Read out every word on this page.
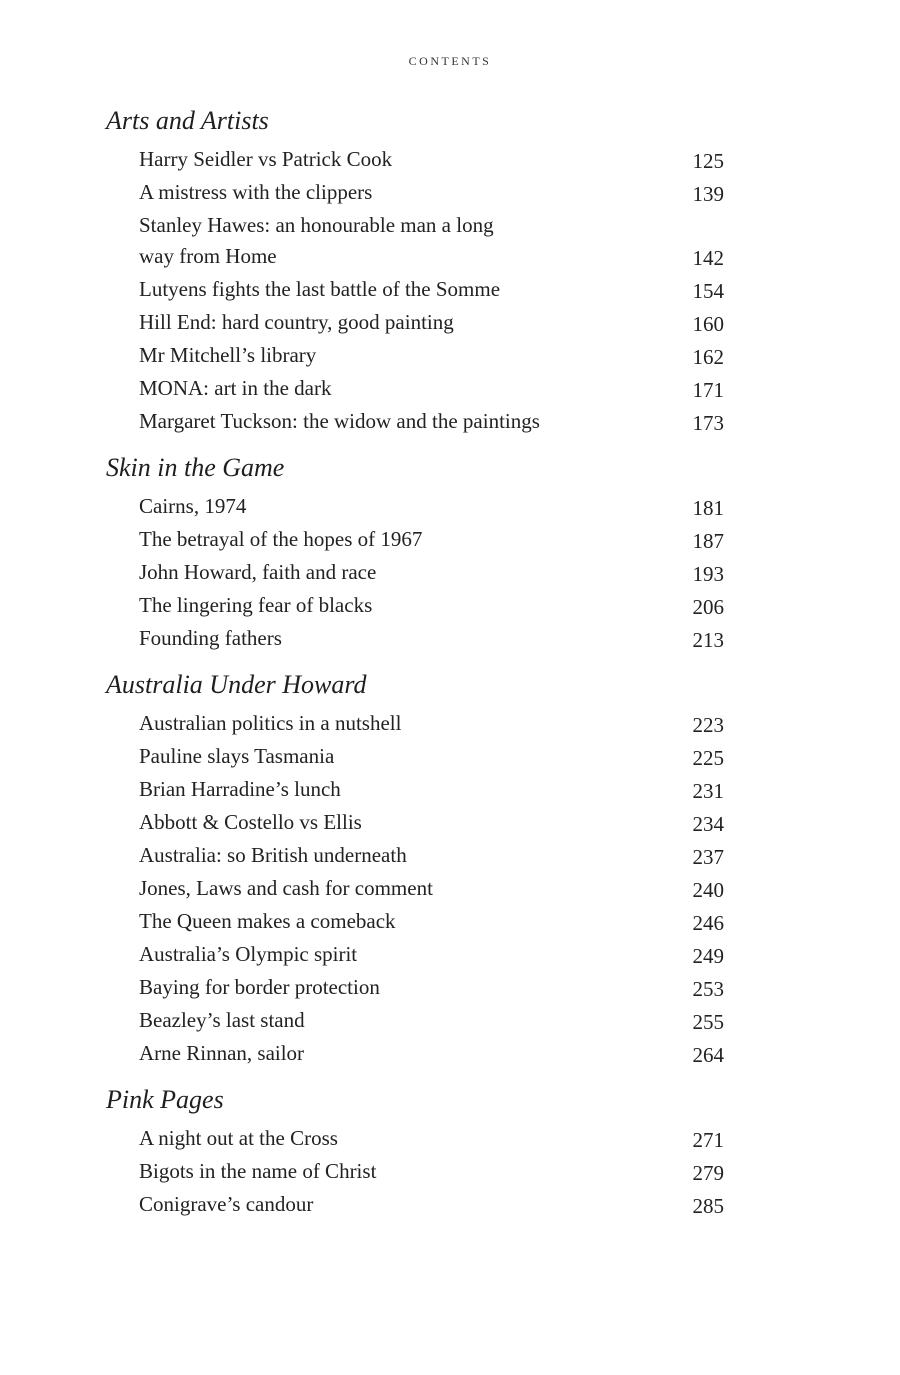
CONTENTS
Arts and Artists
Harry Seidler vs Patrick Cook	125
A mistress with the clippers	139
Stanley Hawes: an honourable man a long way from Home	142
Lutyens fights the last battle of the Somme	154
Hill End: hard country, good painting	160
Mr Mitchell’s library	162
MONA: art in the dark	171
Margaret Tuckson: the widow and the paintings	173
Skin in the Game
Cairns, 1974	181
The betrayal of the hopes of 1967	187
John Howard, faith and race	193
The lingering fear of blacks	206
Founding fathers	213
Australia Under Howard
Australian politics in a nutshell	223
Pauline slays Tasmania	225
Brian Harradine’s lunch	231
Abbott & Costello vs Ellis	234
Australia: so British underneath	237
Jones, Laws and cash for comment	240
The Queen makes a comeback	246
Australia’s Olympic spirit	249
Baying for border protection	253
Beazley’s last stand	255
Arne Rinnan, sailor	264
Pink Pages
A night out at the Cross	271
Bigots in the name of Christ	279
Conigrave’s candour	285
